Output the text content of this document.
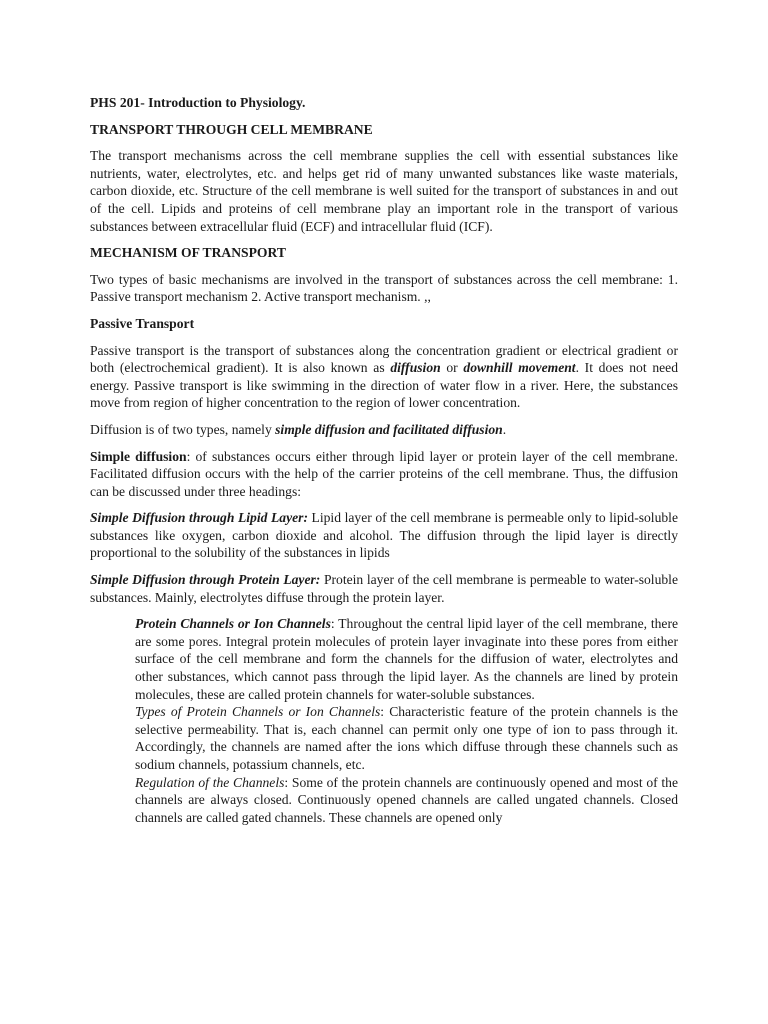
PHS 201- Introduction to Physiology.

TRANSPORT THROUGH CELL MEMBRANE

The transport mechanisms across the cell membrane supplies the cell with essential substances like nutrients, water, electrolytes, etc. and helps get rid of many unwanted substances like waste materials, carbon dioxide, etc. Structure of the cell membrane is well suited for the transport of substances in and out of the cell. Lipids and proteins of cell membrane play an important role in the transport of various substances between extracellular fluid (ECF) and intracellular fluid (ICF).

MECHANISM OF TRANSPORT

Two types of basic mechanisms are involved in the transport of substances across the cell membrane: 1. Passive transport mechanism 2. Active transport mechanism. ,,

Passive Transport

Passive transport is the transport of substances along the concentration gradient or electrical gradient or both (electrochemical gradient). It is also known as diffusion or downhill movement. It does not need energy. Passive transport is like swimming in the direction of water flow in a river. Here, the substances move from region of higher concentration to the region of lower concentration.

Diffusion is of two types, namely simple diffusion and facilitated diffusion.

Simple diffusion: of substances occurs either through lipid layer or protein layer of the cell membrane. Facilitated diffusion occurs with the help of the carrier proteins of the cell membrane. Thus, the diffusion can be discussed under three headings:

Simple Diffusion through Lipid Layer: Lipid layer of the cell membrane is permeable only to lipid-soluble substances like oxygen, carbon dioxide and alcohol. The diffusion through the lipid layer is directly proportional to the solubility of the substances in lipids

Simple Diffusion through Protein Layer: Protein layer of the cell membrane is permeable to water-soluble substances. Mainly, electrolytes diffuse through the protein layer.

Protein Channels or Ion Channels: Throughout the central lipid layer of the cell membrane, there are some pores. Integral protein molecules of protein layer invaginate into these pores from either surface of the cell membrane and form the channels for the diffusion of water, electrolytes and other substances, which cannot pass through the lipid layer. As the channels are lined by protein molecules, these are called protein channels for water-soluble substances.

Types of Protein Channels or Ion Channels: Characteristic feature of the protein channels is the selective permeability. That is, each channel can permit only one type of ion to pass through it. Accordingly, the channels are named after the ions which diffuse through these channels such as sodium channels, potassium channels, etc.

Regulation of the Channels: Some of the protein channels are continuously opened and most of the channels are always closed. Continuously opened channels are called ungated channels. Closed channels are called gated channels. These channels are opened only
